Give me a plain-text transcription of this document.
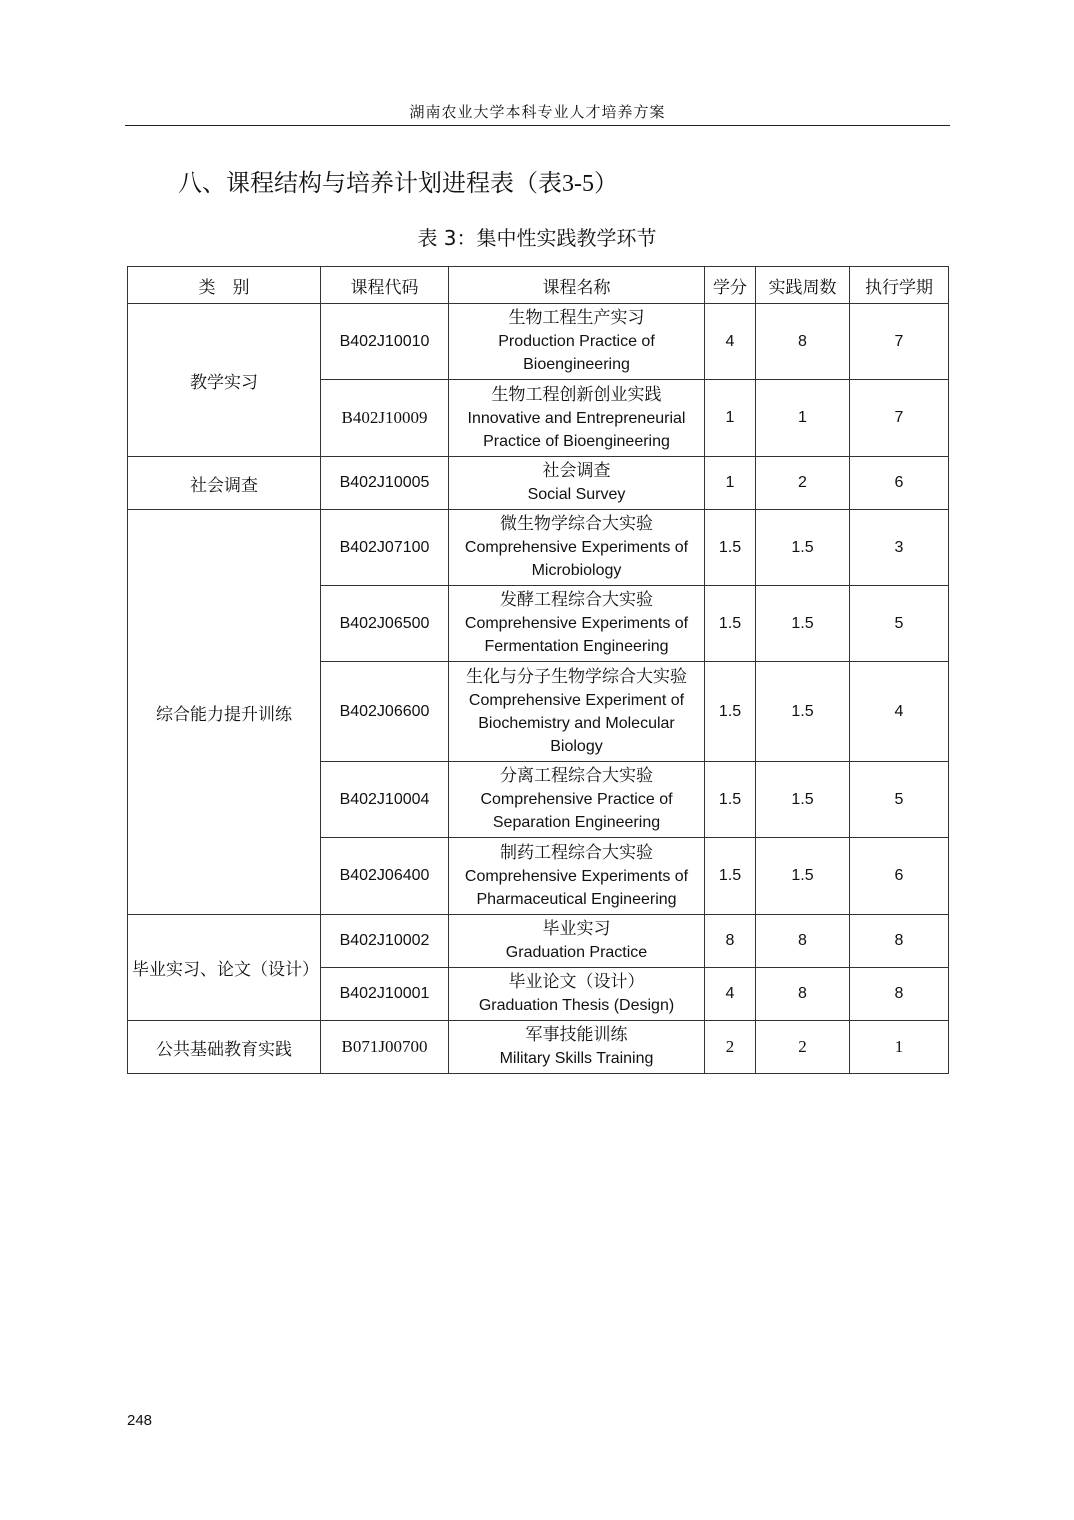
湖南农业大学本科专业人才培养方案
八、课程结构与培养计划进程表（表3-5）
表 3：集中性实践教学环节
类　别	课程代码	课程名称	学分	实践周数	执行学期
教学实习	B402J10010	生物工程生产实习
Production Practice of Bioengineering	4	8	7
	B402J10009	生物工程创新创业实践
Innovative and Entrepreneurial Practice of Bioengineering	1	1	7
社会调查	B402J10005	社会调查
Social Survey	1	2	6
综合能力提升训练	B402J07100	微生物学综合大实验
Comprehensive Experiments of Microbiology	1.5	1.5	3
	B402J06500	发酵工程综合大实验
Comprehensive Experiments of Fermentation Engineering	1.5	1.5	5
	B402J06600	生化与分子生物学综合大实验
Comprehensive Experiment of Biochemistry and Molecular Biology	1.5	1.5	4
	B402J10004	分离工程综合大实验
Comprehensive Practice of Separation Engineering	1.5	1.5	5
	B402J06400	制药工程综合大实验
Comprehensive Experiments of Pharmaceutical Engineering	1.5	1.5	6
毕业实习、论文（设计）	B402J10002	毕业实习
Graduation Practice	8	8	8
	B402J10001	毕业论文（设计）
Graduation Thesis (Design)	4	8	8
公共基础教育实践	B071J00700	军事技能训练
Military Skills Training	2	2	1
248
